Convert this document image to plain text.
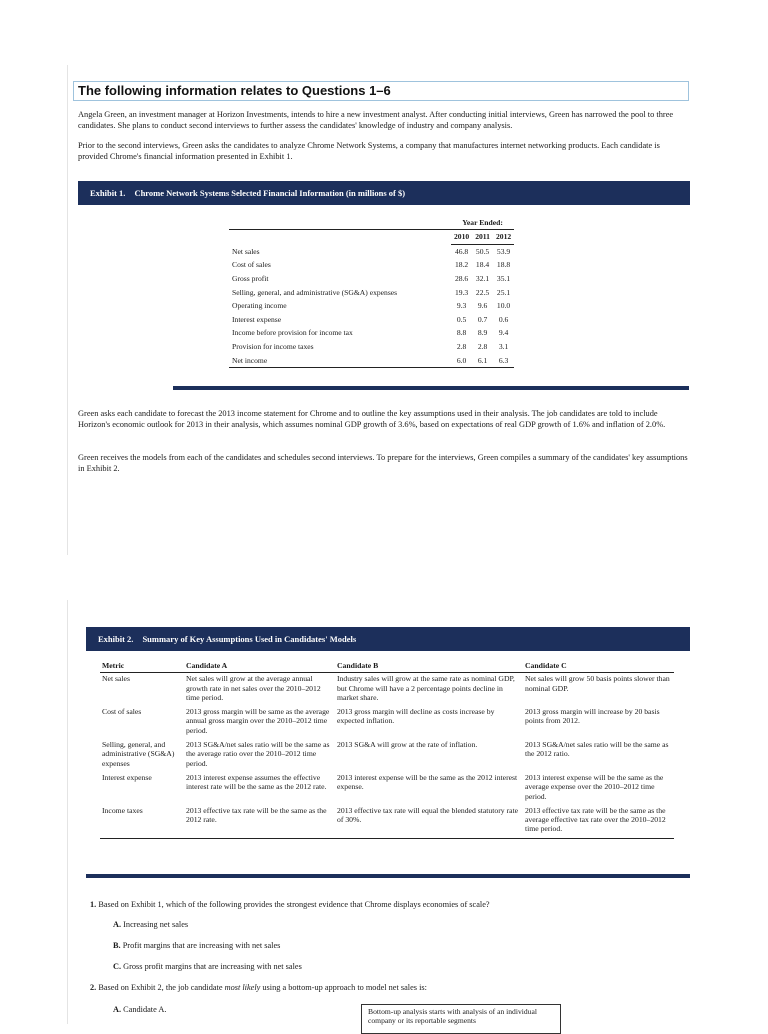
The following information relates to Questions 1–6

Angela Green, an investment manager at Horizon Investments, intends to hire a new investment analyst. After conducting initial interviews, Green has narrowed the pool to three candidates. She plans to conduct second interviews to further assess the candidates' knowledge of industry and company analysis.

Prior to the second interviews, Green asks the candidates to analyze Chrome Network Systems, a company that manufactures internet networking products. Each candidate is provided Chrome's financial information presented in Exhibit 1.

Exhibit 1. Chrome Network Systems Selected Financial Information (in millions of $)
	Year Ended:		
	2010	2011	2012
Net sales	46.8	50.5	53.9
Cost of sales	18.2	18.4	18.8
Gross profit	28.6	32.1	35.1
Selling, general, and administrative (SG&A) expenses	19.3	22.5	25.1
Operating income	9.3	9.6	10.0
Interest expense	0.5	0.7	0.6
Income before provision for income tax	8.8	8.9	9.4
Provision for income taxes	2.8	2.8	3.1
Net income	6.0	6.1	6.3

Green asks each candidate to forecast the 2013 income statement for Chrome and to outline the key assumptions used in their analysis. The job candidates are told to include Horizon's economic outlook for 2013 in their analysis, which assumes nominal GDP growth of 3.6%, based on expectations of real GDP growth of 1.6% and inflation of 2.0%.

Green receives the models from each of the candidates and schedules second interviews. To prepare for the interviews, Green compiles a summary of the candidates' key assumptions in Exhibit 2.

Exhibit 2. Summary of Key Assumptions Used in Candidates' Models
Metric	Candidate A	Candidate B	Candidate C
Net sales	Net sales will grow at the average annual growth rate in net sales over the 2010–2012 time period.	Industry sales will grow at the same rate as nominal GDP, but Chrome will have a 2 percentage points decline in market share.	Net sales will grow 50 basis points slower than nominal GDP.
Cost of sales	2013 gross margin will be same as the average annual gross margin over the 2010–2012 time period.	2013 gross margin will decline as costs increase by expected inflation.	2013 gross margin will increase by 20 basis points from 2012.
Selling, general, and administrative (SG&A) expenses	2013 SG&A/net sales ratio will be the same as the average ratio over the 2010–2012 time period.	2013 SG&A will grow at the rate of inflation.	2013 SG&A/net sales ratio will be the same as the 2012 ratio.
Interest expense	2013 interest expense assumes the effective interest rate will be the same as the 2012 rate.	2013 interest expense will be the same as the 2012 interest expense.	2013 interest expense will be the same as the average expense over the 2010–2012 time period.
Income taxes	2013 effective tax rate will be the same as the 2012 rate.	2013 effective tax rate will equal the blended statutory rate of 30%.	2013 effective tax rate will be the same as the average effective tax rate over the 2010–2012 time period.
1. Based on Exhibit 1, which of the following provides the strongest evidence that Chrome displays economies of scale?
A. Increasing net sales
B. Profit margins that are increasing with net sales
C. Gross profit margins that are increasing with net sales
2. Based on Exhibit 2, the job candidate most likely using a bottom-up approach to model net sales is:
A. Candidate A.	Bottom-up analysis starts with analysis of an individual company or its reportable segments
